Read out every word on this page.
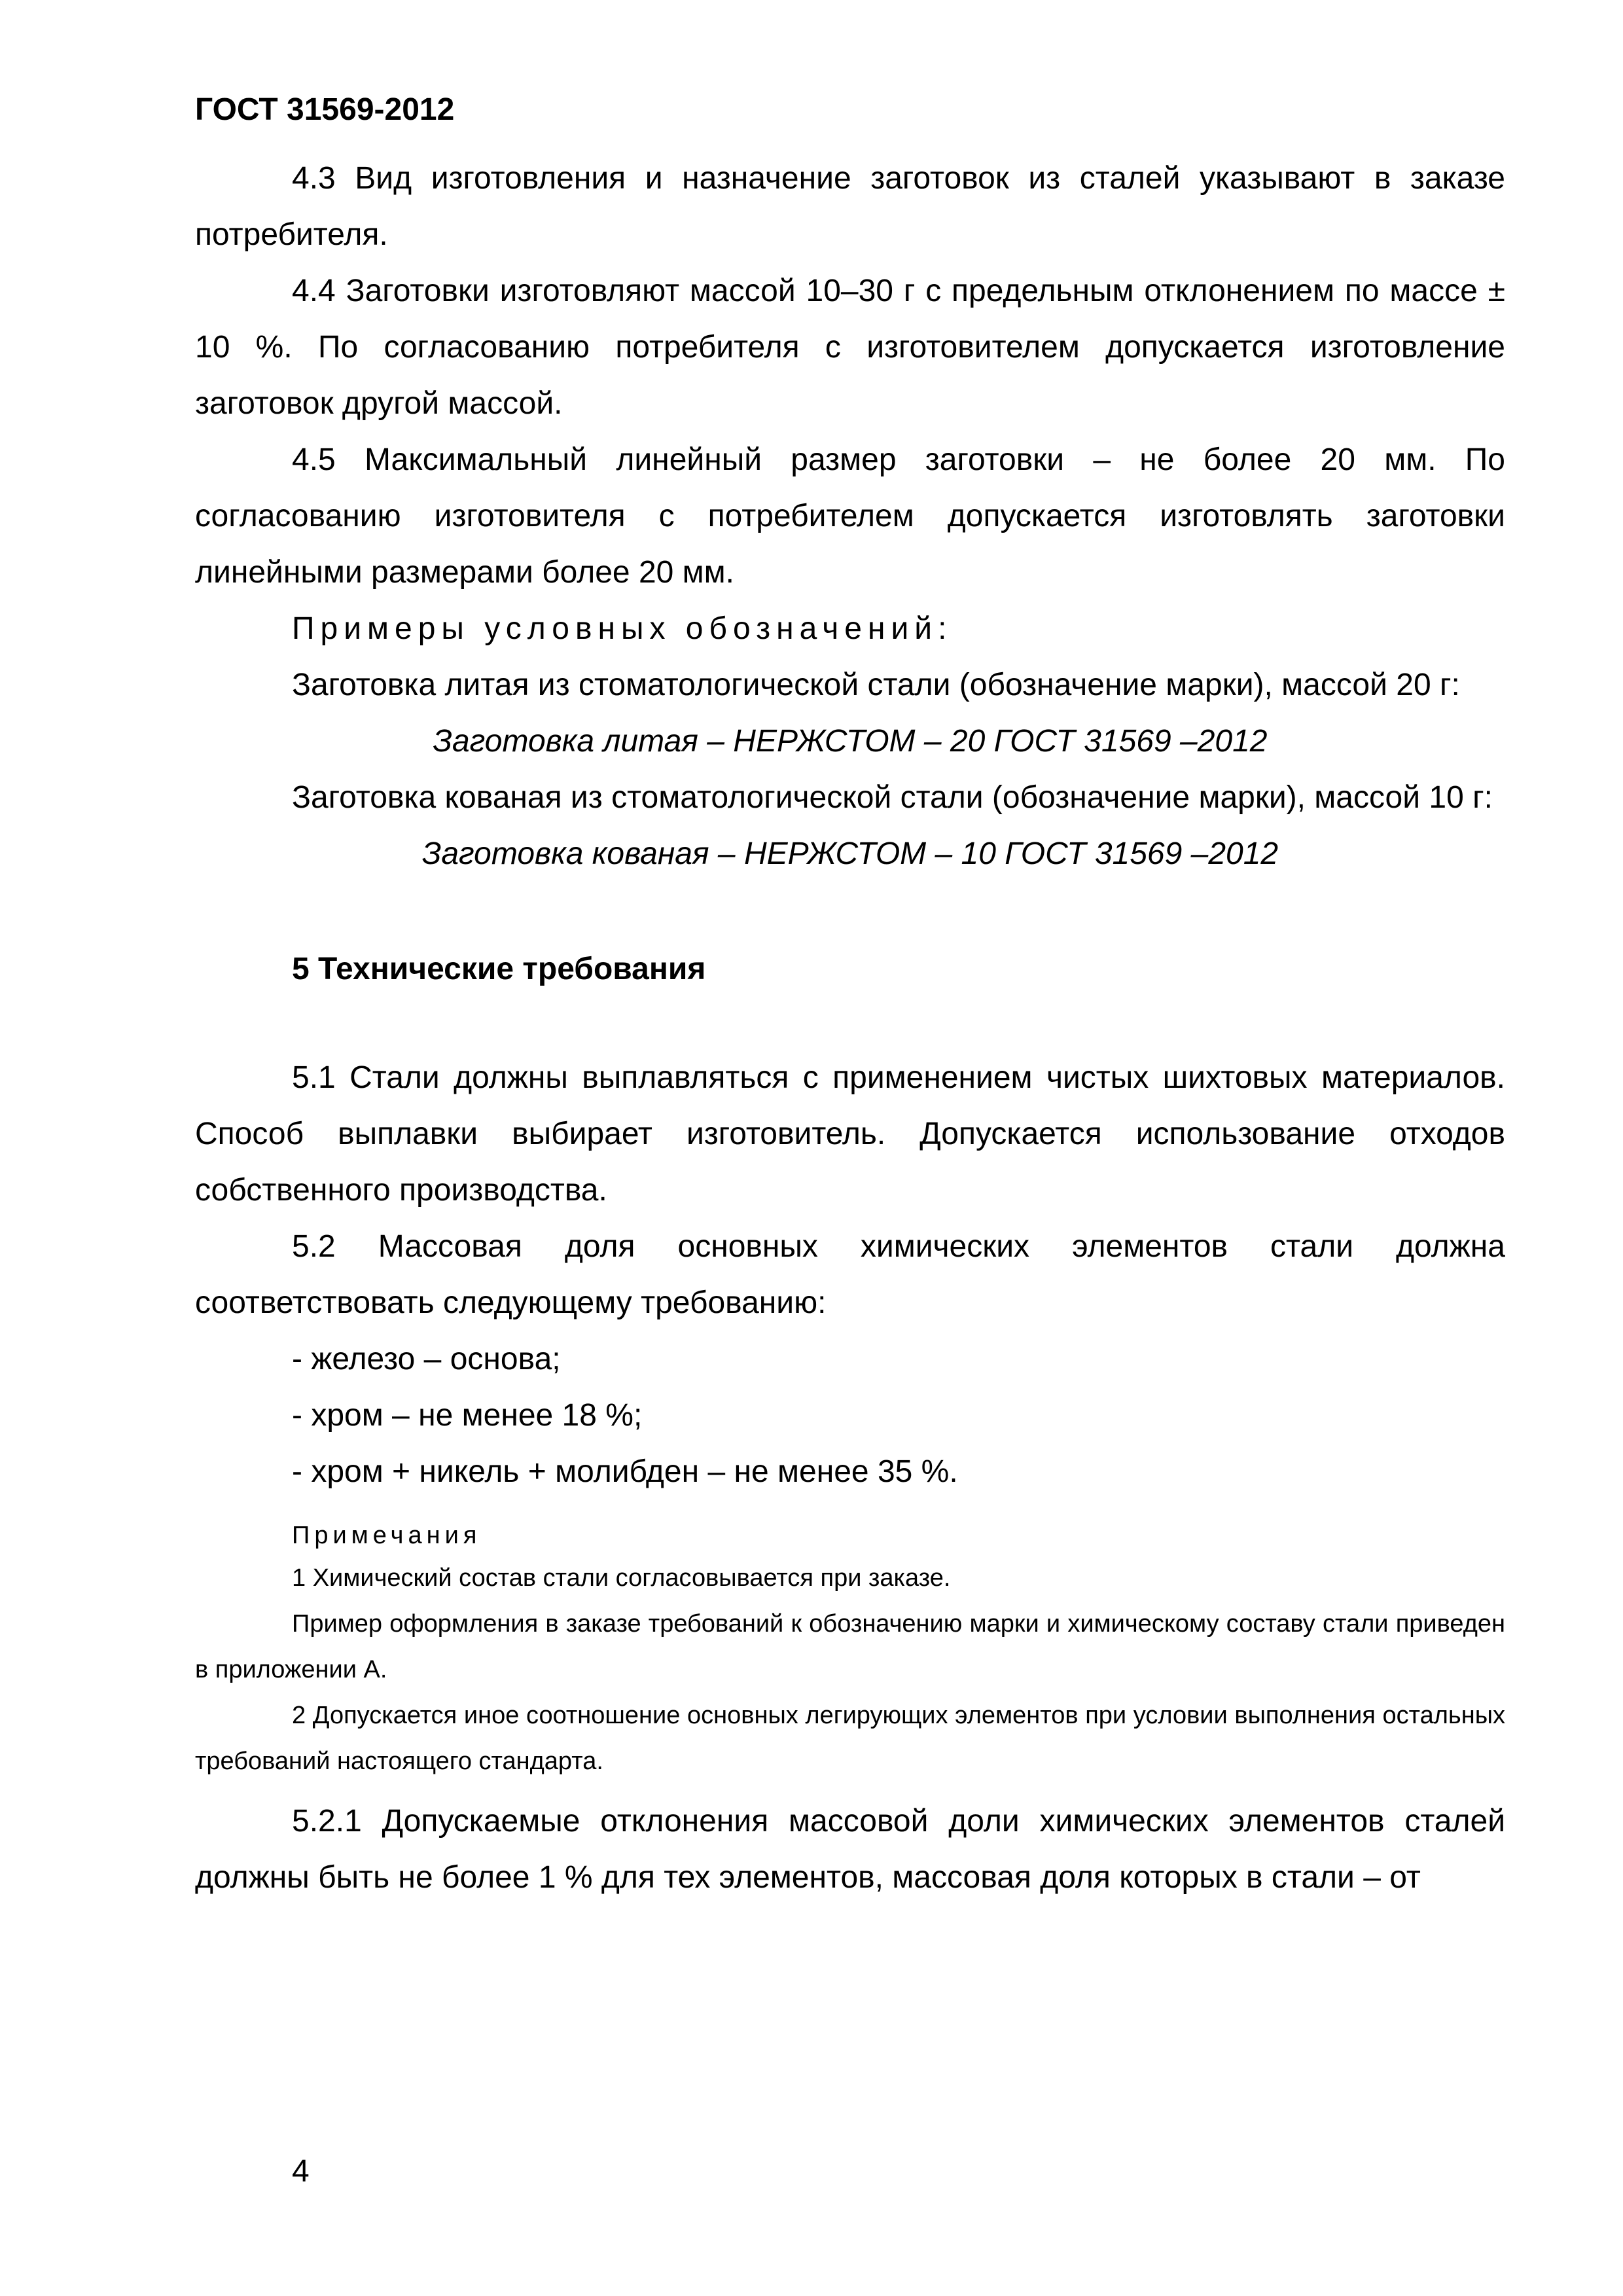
ГОСТ 31569-2012

4.3 Вид изготовления и назначение заготовок из сталей указывают в заказе потребителя.

4.4 Заготовки изготовляют массой 10–30 г с предельным отклонением по массе ± 10 %. По согласованию потребителя с изготовителем допускается изготовление заготовок другой массой.

4.5 Максимальный линейный размер заготовки – не более 20 мм. По согласованию изготовителя с потребителем допускается изготовлять заготовки линейными размерами более 20 мм.

Примеры условных обозначений:

Заготовка литая из стоматологической стали (обозначение марки), массой 20 г:

Заготовка литая – НЕРЖСТОМ – 20 ГОСТ 31569 –2012

Заготовка кованая из стоматологической стали (обозначение марки), массой 10 г:

Заготовка кованая – НЕРЖСТОМ – 10 ГОСТ 31569 –2012

5 Технические требования

5.1 Стали должны выплавляться с применением чистых шихтовых материалов. Способ выплавки выбирает изготовитель. Допускается использование отходов собственного производства.

5.2 Массовая доля основных химических элементов стали должна соответствовать следующему требованию:

- железо – основа;
- хром – не менее 18 %;
- хром + никель + молибден – не менее 35 %.
Примечания

1 Химический состав стали согласовывается при заказе.

Пример оформления в заказе требований к обозначению марки и химическому составу стали приведен в приложении А.

2 Допускается иное соотношение основных легирующих элементов при условии выполнения остальных требований настоящего стандарта.

5.2.1 Допускаемые отклонения массовой доли химических элементов сталей должны быть не более 1 % для тех элементов, массовая доля которых в стали – от

4
